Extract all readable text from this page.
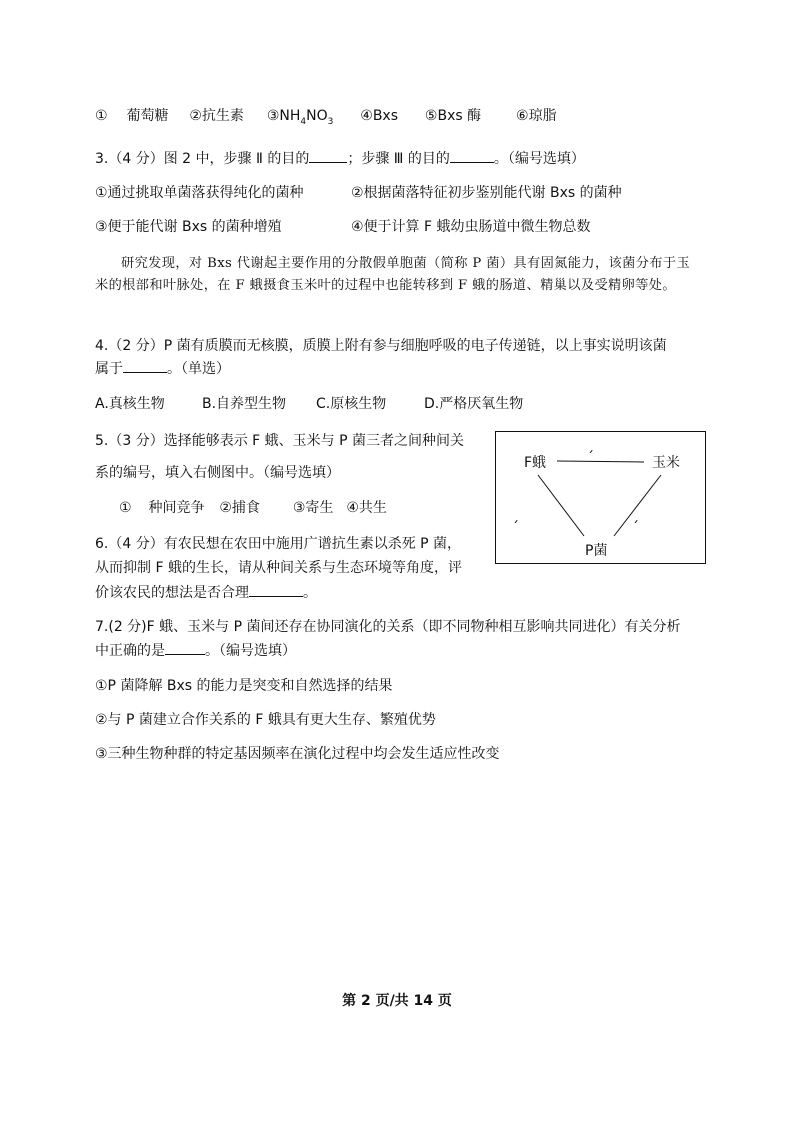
① 葡萄糖 ②抗生素 $③NH_4NO_3$ ④Bxs ⑤Bxs 酶 ⑥琼脂
3.（4 分）图 2 中，步骤 Ⅱ 的目的	；步骤 Ⅲ 的目的	。（编号选填）
①通过挑取单菌落获得纯化的菌种	②根据菌落特征初步鉴别能代谢 Bxs 的菌种
③便于能代谢 Bxs 的菌种增殖	④便于计算 F 蛾幼虫肠道中微生物总数
研究发现，对 Bxs 代谢起主要作用的分散假单胞菌（简称 P 菌）具有固氮能力，该菌分布于玉米的根部和叶脉处，在 F 蛾摄食玉米叶的过程中也能转移到 F 蛾的肠道、精巢以及受精卵等处。
4.（2 分）P 菌有质膜而无核膜，质膜上附有参与细胞呼吸的电子传递链，以上事实说明该菌
属于	。（单选）
A.真核生物	B.自养型生物 C.原核生物	D.严格厌氧生物
5.（3 分）选择能够表示 F 蛾、玉米与 P 菌三者之间种间关
系的编号，填入右侧图中。（编号选填）
① 种间竞争 ②捕食 ③寄生 ④共生
F蛾	玉米
P菌
ˊ
ˊ	ˊ
6.（4 分）有农民想在农田中施用广谱抗生素以杀死 P 菌，
从而抑制 F 蛾的生长，请从种间关系与生态环境等角度，评
价该农民的想法是否合理	。
7.(2 分)F 蛾、玉米与 P 菌间还存在协同演化的关系（即不同物种相互影响共同进化）有关分析
中正确的是	。（编号选填）
①P 菌降解 Bxs 的能力是突变和自然选择的结果
②与 P 菌建立合作关系的 F 蛾具有更大生存、繁殖优势
③三种生物种群的特定基因频率在演化过程中均会发生适应性改变
第 2 页/共 14 页
